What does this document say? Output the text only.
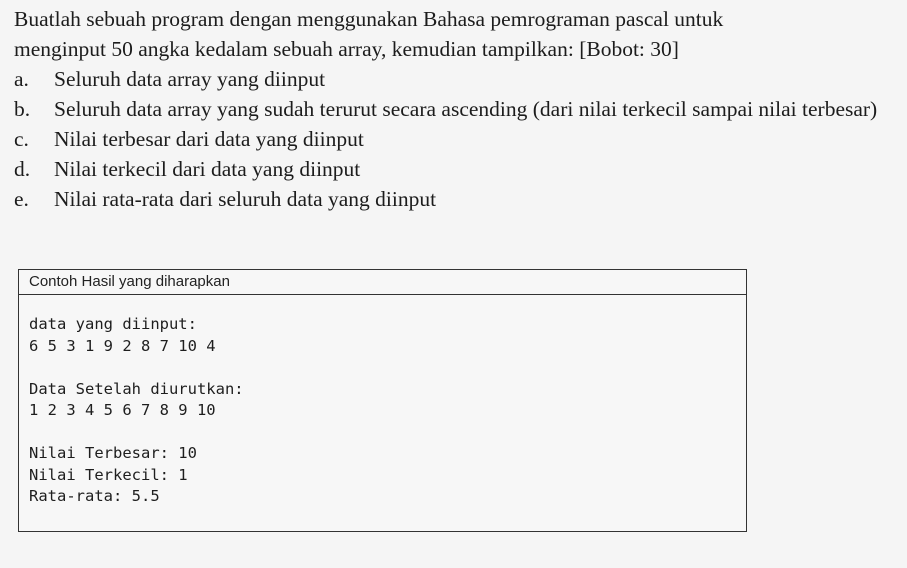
Buatlah sebuah program dengan menggunakan Bahasa pemrograman pascal untuk
menginput 50 angka kedalam sebuah array, kemudian tampilkan: [Bobot: 30]
a.	Seluruh data array yang diinput
b.	Seluruh data array yang sudah terurut secara ascending (dari nilai terkecil sampai nilai terbesar)
c.	Nilai terbesar dari data yang diinput
d.	Nilai terkecil dari data yang diinput
e.	Nilai rata-rata dari seluruh data yang diinput
Contoh Hasil yang diharapkan
data yang diinput:
6 5 3 1 9 2 8 7 10 4
Data Setelah diurutkan:
1 2 3 4 5 6 7 8 9 10
Nilai Terbesar: 10
Nilai Terkecil: 1
Rata-rata: 5.5
